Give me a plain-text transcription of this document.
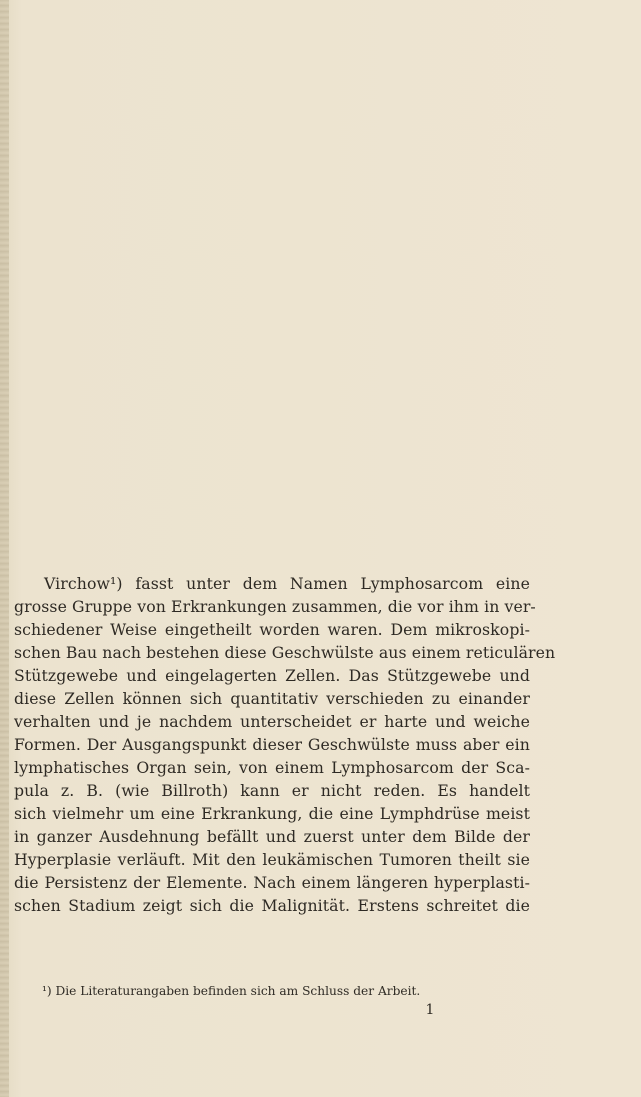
Virchow¹) fasst unter dem Namen Lymphosarcom eine
grosse Gruppe von Erkrankungen zusammen, die vor ihm in ver-
schiedener Weise eingetheilt worden waren. Dem mikroskopi-
schen Bau nach bestehen diese Geschwülste aus einem reticulären
Stützgewebe und eingelagerten Zellen. Das Stützgewebe und
diese Zellen können sich quantitativ verschieden zu einander
verhalten und je nachdem unterscheidet er harte und weiche
Formen. Der Ausgangspunkt dieser Geschwülste muss aber ein
lymphatisches Organ sein, von einem Lymphosarcom der Sca-
pula z. B. (wie Billroth) kann er nicht reden. Es handelt
sich vielmehr um eine Erkrankung, die eine Lymphdrüse meist
in ganzer Ausdehnung befällt und zuerst unter dem Bilde der
Hyperplasie verläuft. Mit den leukämischen Tumoren theilt sie
die Persistenz der Elemente. Nach einem längeren hyperplasti-
schen Stadium zeigt sich die Malignität. Erstens schreitet die
¹) Die Literaturangaben befinden sich am Schluss der Arbeit.
1
